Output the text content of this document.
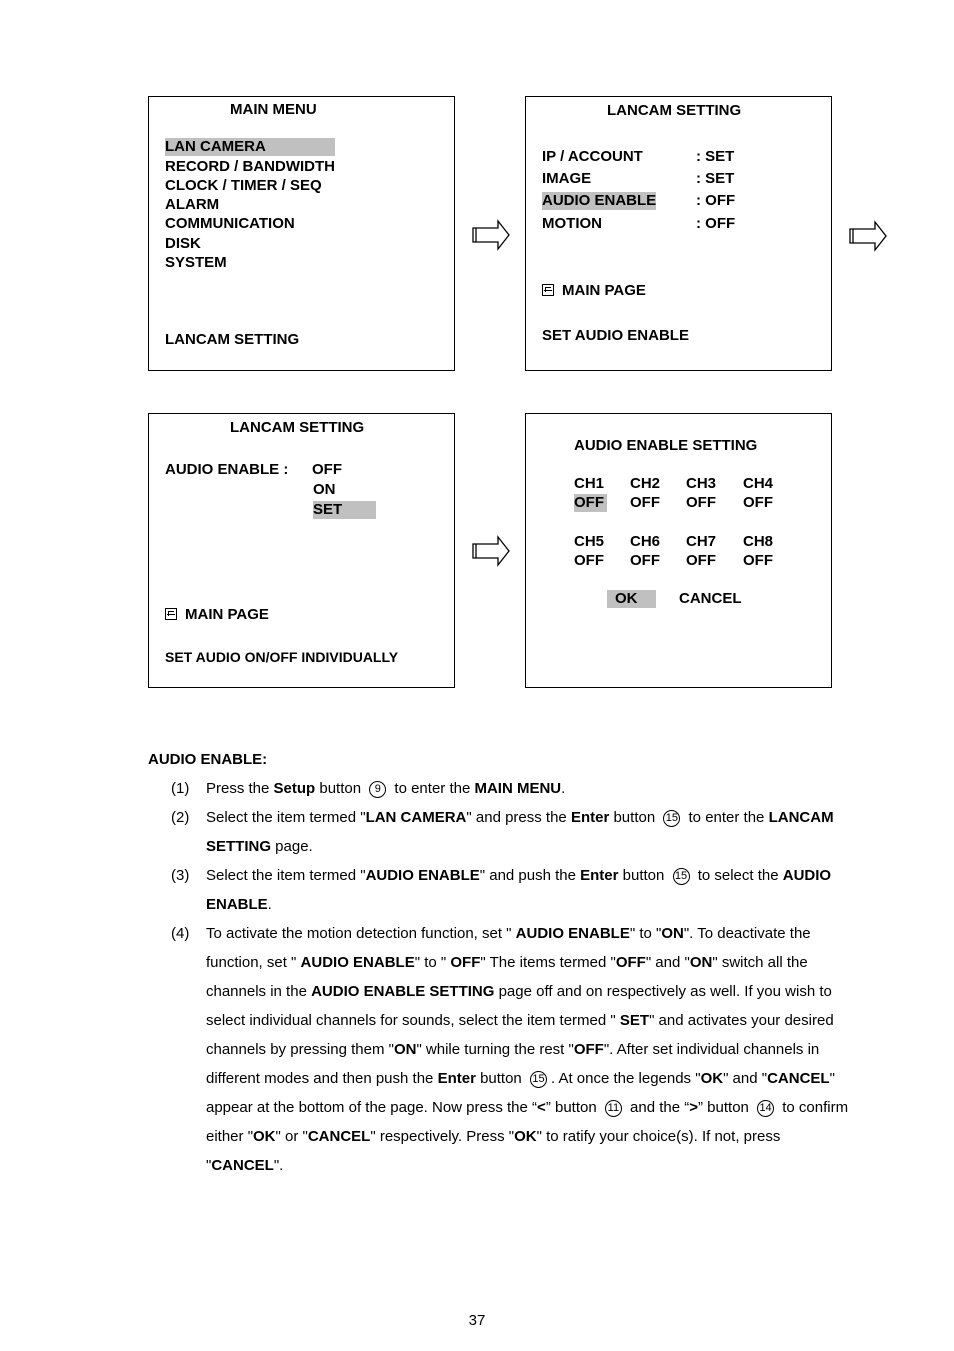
MAIN MENU
LAN CAMERA
RECORD / BANDWIDTH
CLOCK / TIMER / SEQ
ALARM
COMMUNICATION
DISK
SYSTEM
LANCAM SETTING
LANCAM SETTING
IP / ACCOUNT	: SET
IMAGE	: SET
AUDIO ENABLE	: OFF
MOTION	: OFF
MAIN PAGE
SET AUDIO ENABLE
LANCAM SETTING
AUDIO ENABLE : OFF
ON
SET
MAIN PAGE
SET AUDIO ON/OFF INDIVIDUALLY
AUDIO ENABLE SETTING
CH1 CH2 CH3 CH4
OFF OFF OFF OFF
CH5 CH6 CH7 CH8
OFF OFF OFF OFF
OK	CANCEL
AUDIO ENABLE:
(1) Press the Setup button 9 to enter the MAIN MENU.
(2) Select the item termed "LAN CAMERA" and press the Enter button 15 to enter the LANCAM SETTING page.
(3) Select the item termed "AUDIO ENABLE" and push the Enter button 15 to select the AUDIO ENABLE.
(4) To activate the motion detection function, set " AUDIO ENABLE" to "ON". To deactivate the function, set " AUDIO ENABLE" to " OFF" The items termed "OFF" and "ON" switch all the channels in the AUDIO ENABLE SETTING page off and on respectively as well. If you wish to select individual channels for sounds, select the item termed " SET" and activates your desired channels by pressing them "ON" while turning the rest "OFF". After set individual channels in different modes and then push the Enter button 15 . At once the legends "OK" and "CANCEL" appear at the bottom of the page. Now press the “<” button 11 and the “>” button 14 to confirm either "OK" or "CANCEL" respectively. Press "OK" to ratify your choice(s). If not, press "CANCEL".
37
